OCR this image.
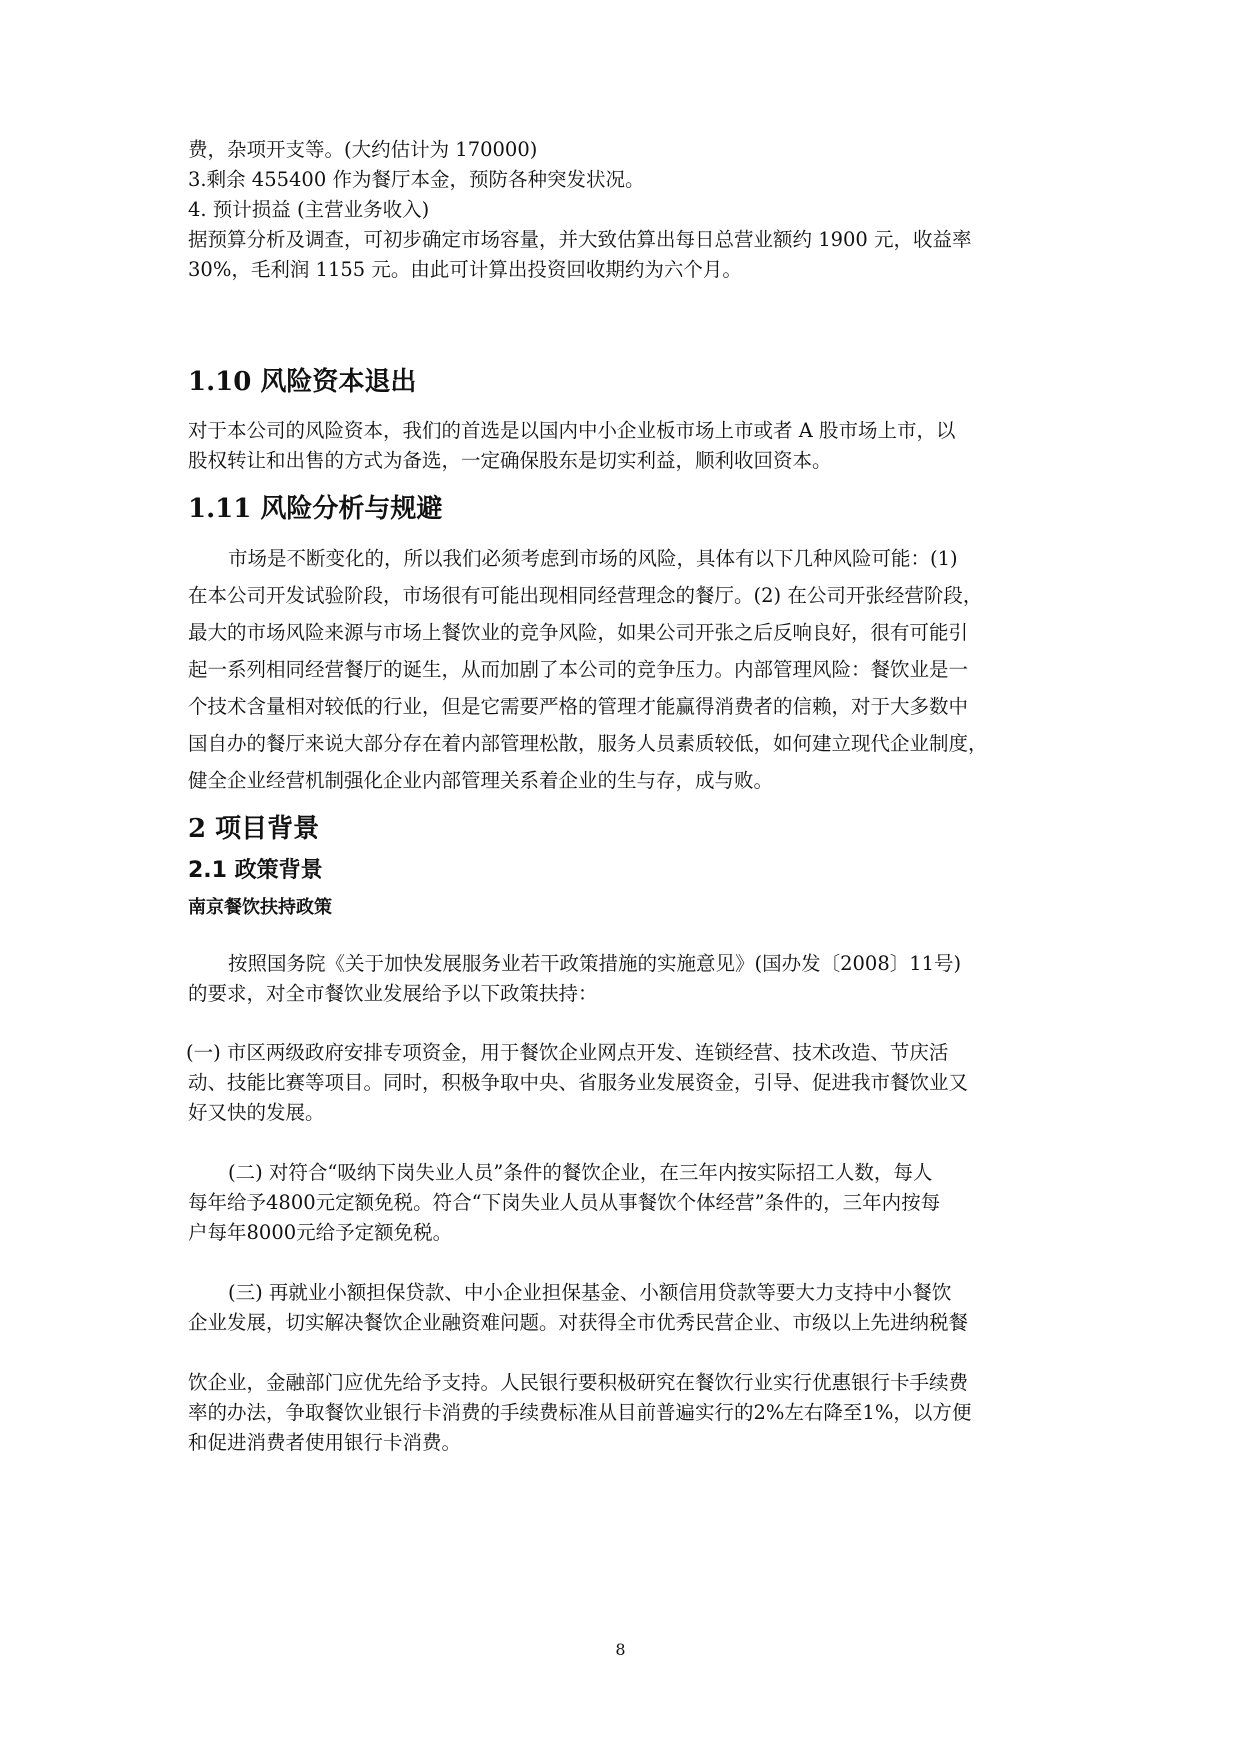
费，杂项开支等。(大约估计为 170000)
3.剩余 455400 作为餐厅本金，预防各种突发状况。
4. 预计损益 (主营业务收入)
据预算分析及调查，可初步确定市场容量，并大致估算出每日总营业额约 1900 元，收益率
30%，毛利润 1155 元。由此可计算出投资回收期约为六个月。
1.10 风险资本退出
对于本公司的风险资本，我们的首选是以国内中小企业板市场上市或者 A 股市场上市，以
股权转让和出售的方式为备选，一定确保股东是切实利益，顺利收回资本。
1.11 风险分析与规避
市场是不断变化的，所以我们必须考虑到市场的风险，具体有以下几种风险可能：(1)
在本公司开发试验阶段，市场很有可能出现相同经营理念的餐厅。(2) 在公司开张经营阶段，
最大的市场风险来源与市场上餐饮业的竞争风险，如果公司开张之后反响良好，很有可能引
起一系列相同经营餐厅的诞生，从而加剧了本公司的竞争压力。内部管理风险：餐饮业是一
个技术含量相对较低的行业，但是它需要严格的管理才能赢得消费者的信赖，对于大多数中
国自办的餐厅来说大部分存在着内部管理松散，服务人员素质较低，如何建立现代企业制度，
健全企业经营机制强化企业内部管理关系着企业的生与存，成与败。
2 项目背景
2.1 政策背景
南京餐饮扶持政策
按照国务院《关于加快发展服务业若干政策措施的实施意见》(国办发〔2008〕11号)
的要求，对全市餐饮业发展给予以下政策扶持：
(一) 市区两级政府安排专项资金，用于餐饮企业网点开发、连锁经营、技术改造、节庆活
动、技能比赛等项目。同时，积极争取中央、省服务业发展资金，引导、促进我市餐饮业又
好又快的发展。
(二) 对符合“吸纳下岗失业人员”条件的餐饮企业，在三年内按实际招工人数，每人
每年给予4800元定额免税。符合“下岗失业人员从事餐饮个体经营”条件的，三年内按每
户每年8000元给予定额免税。
(三) 再就业小额担保贷款、中小企业担保基金、小额信用贷款等要大力支持中小餐饮
企业发展，切实解决餐饮企业融资难问题。对获得全市优秀民营企业、市级以上先进纳税餐
饮企业，金融部门应优先给予支持。人民银行要积极研究在餐饮行业实行优惠银行卡手续费
率的办法，争取餐饮业银行卡消费的手续费标准从目前普遍实行的2%左右降至1%，以方便
和促进消费者使用银行卡消费。
8
